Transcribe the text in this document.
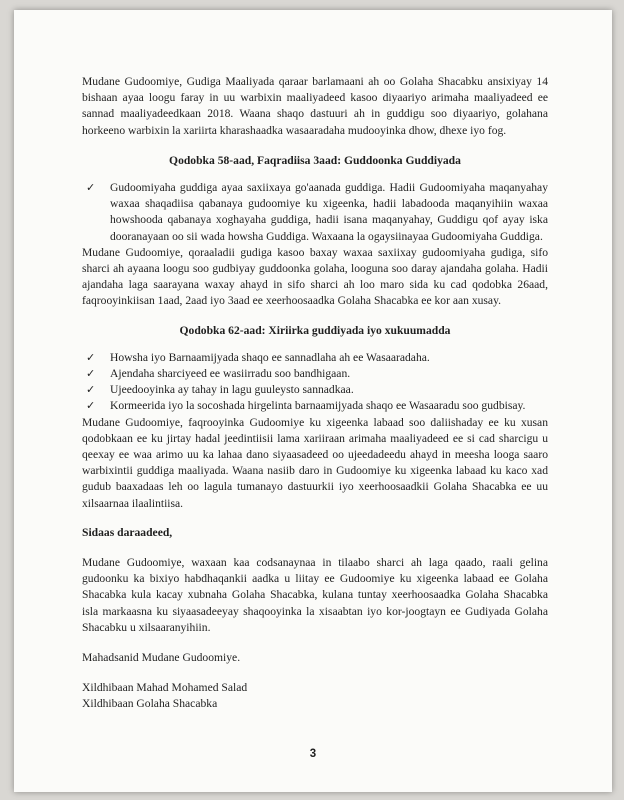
Mudane Gudoomiye, Gudiga Maaliyada qaraar barlamaani ah oo Golaha Shacabku ansixiyay 14 bishaan ayaa loogu faray in uu warbixin maaliyadeed kasoo diyaariyo arimaha maaliyadeed ee sannad maaliyadeedkaan 2018. Waana shaqo dastuuri ah in guddigu soo diyaariyo, golahana horkeeno warbixin la xariirta kharashaadka wasaaradaha mudooyinka dhow, dhexe iyo fog.

Qodobka 58-aad, Faqradiisa 3aad: Guddoonka Guddiyada
✓ Gudoomiyaha guddiga ayaa saxiixaya go'aanada guddiga. Hadii Gudoomiyaha maqanyahay waxaa shaqadiisa qabanaya gudoomiye ku xigeenka, hadii labadooda maqanyihiin waxaa howshooda qabanaya xoghayaha guddiga, hadii isana maqanyahay, Guddigu qof ayay iska dooranayaan oo sii wada howsha Guddiga. Waxaana la ogaysiinayaa Gudoomiyaha Guddiga.

Mudane Gudoomiye, qoraaladii gudiga kasoo baxay waxaa saxiixay gudoomiyaha gudiga, sifo sharci ah ayaana loogu soo gudbiyay guddoonka golaha, looguna soo daray ajandaha golaha. Hadii ajandaha laga saarayana waxay ahayd in sifo sharci ah loo maro sida ku cad qodobka 26aad, faqrooyinkiisan 1aad, 2aad iyo 3aad ee xeerhoosaadka Golaha Shacabka ee kor aan xusay.

Qodobka 62-aad: Xiriirka guddiyada iyo xukuumadda
✓ Howsha iyo Barnaamijyada shaqo ee sannadlaha ah ee Wasaaradaha.
✓ Ajendaha sharciyeed ee wasiirradu soo bandhigaan.
✓ Ujeedooyinka ay tahay in lagu guuleysto sannadkaa.
✓ Kormeerida iyo la socoshada hirgelinta barnaamijyada shaqo ee Wasaaradu soo gudbisay.

Mudane Gudoomiye, faqrooyinka Gudoomiye ku xigeenka labaad soo daliishaday ee ku xusan qodobkaan ee ku jirtay hadal jeedintiisii lama xariiraan arimaha maaliyadeed ee si cad sharcigu u qeexay ee waa arimo uu ka lahaa dano siyaasadeed oo ujeedadeedu ahayd in meesha looga saaro warbixintii guddiga maaliyada. Waana nasiib daro in Gudoomiye ku xigeenka labaad ku kaco xad gudub baaxadaas leh oo lagula tumanayo dastuurkii iyo xeerhoosaadkii Golaha Shacabka ee uu xilsaarnaa ilaalintiisa.

Sidaas daraadeed,

Mudane Gudoomiye, waxaan kaa codsanaynaa in tilaabo sharci ah laga qaado, raali gelina gudoonku ka bixiyo habdhaqankii aadka u liitay ee Gudoomiye ku xigeenka labaad ee Golaha Shacabka kula kacay xubnaha Golaha Shacabka, kulana tuntay xeerhoosaadka Golaha Shacabka isla markaasna ku siyaasadeeyay shaqooyinka la xisaabtan iyo kor-joogtayn ee Gudiyada Golaha Shacabku u xilsaaranyihiin.

Mahadsanid Mudane Gudoomiye.

Xildhibaan Mahad Mohamed Salad
Xildhibaan Golaha Shacabka
3
